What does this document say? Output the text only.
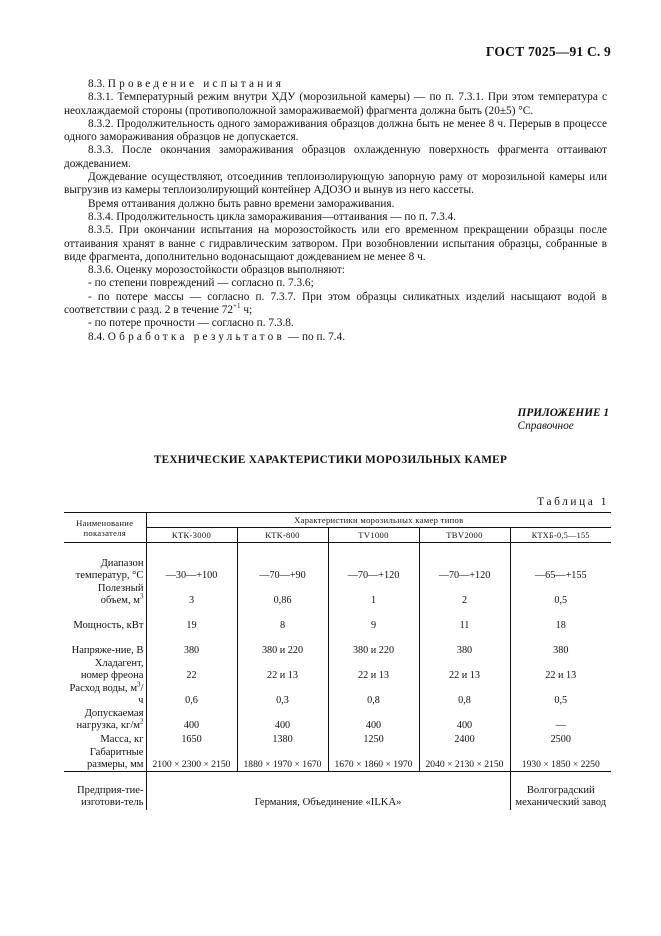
ГОСТ 7025—91 С. 9

8.3. Проведение испытания

8.3.1. Температурный режим внутри ХДУ (морозильной камеры) — по п. 7.3.1. При этом температура с неохлаждаемой стороны (противоположной замораживаемой) фрагмента должна быть (20±5) °С.

8.3.2. Продолжительность одного замораживания образцов должна быть не менее 8 ч. Перерыв в процессе одного замораживания образцов не допускается.

8.3.3. После окончания замораживания образцов охлажденную поверхность фрагмента оттаивают дождеванием.

Дождевание осуществляют, отсоединив теплоизолирующую запорную раму от морозильной камеры или выгрузив из камеры теплоизолирующий контейнер АДОЗО и вынув из него кассеты.

Время оттаивания должно быть равно времени замораживания.

8.3.4. Продолжительность цикла замораживания—оттаивания — по п. 7.3.4.

8.3.5. При окончании испытания на морозостойкость или его временном прекращении образцы после оттаивания хранят в ванне с гидравлическим затвором. При возобновлении испытания образцы, собранные в виде фрагмента, дополнительно водонасыщают дождеванием не менее 8 ч.

8.3.6. Оценку морозостойкости образцов выполняют:

- по степени повреждений — согласно п. 7.3.6;

- по потере массы — согласно п. 7.3.7. При этом образцы силикатных изделий насыщают водой в соответствии с разд. 2 в течение $72^{+1}$ ч;

- по потере прочности — согласно п. 7.3.8.

8.4. Обработка результатов — по п. 7.4.

ПРИЛОЖЕНИЕ 1
Справочное
ТЕХНИЧЕСКИЕ ХАРАКТЕРИСТИКИ МОРОЗИЛЬНЫХ КАМЕР
Таблица 1
Наименование показателя	Характеристики морозильных камер типов				
	КТК-3000	КТК-800	TV1000	TBV2000	КТХБ-0,5—155
Диапазон температур, °С	—30—+100	—70—+90	—70—+120	—70—+120	—65—+155
Полезный объем, $м^3$	3	0,86	1	2	0,5
Мощность, кВт	19	8	9	11	18
Напряже-ние, В	380	380 и 220	380 и 220	380	380
Хладагент, номер фреона	22	22 и 13	22 и 13	22 и 13	22 и 13
Расход воды, $м^3/ч$	0,6	0,3	0,8	0,8	0,5
Допускаемая нагрузка, $кг/м^2$	400	400	400	400	—
Масса, кг	1650	1380	1250	2400	2500
Габаритные размеры, мм	2100 × 2300 × 2150	1880 × 1970 × 1670	1670 × 1860 × 1970	2040 × 2130 × 2150	1930 × 1850 × 2250
Предприя-тие-изготови-тель	Германия, Объединение «ILKA»				Волгоградский механический завод
